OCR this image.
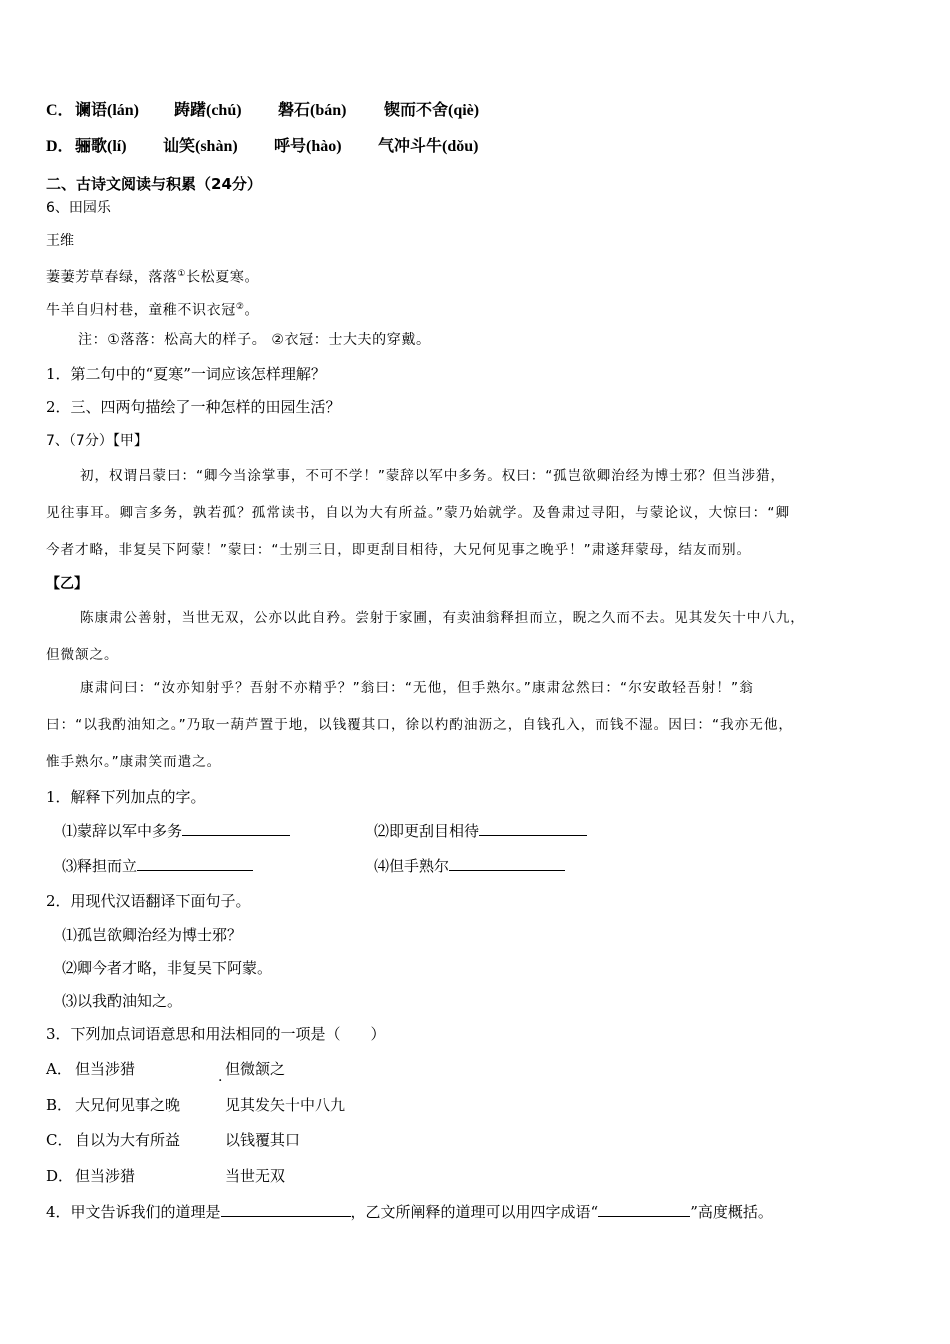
C． 谰语(lán) 踌躇(chú) 磐石(bán) 锲而不舍(qiè)
D． 骊歌(lí) 讪笑(shàn) 呼号(hào) 气冲斗牛(dǒu)
二、古诗文阅读与积累（24分）
6、田园乐
王维
萋萋芳草春绿，落落①长松夏寒。
牛羊自归村巷，童稚不识衣冠②。
注：①落落：松高大的样子。 ②衣冠：士大夫的穿戴。
1．第二句中的“夏寒”一词应该怎样理解？
2．三、四两句描绘了一种怎样的田园生活？
7、（7分）【甲】
初，权谓吕蒙曰：“卿今当涂掌事，不可不学！”蒙辞以军中多务。权曰：“孤岂欲卿治经为博士邪？但当涉猎，
见往事耳。卿言多务，孰若孤？孤常读书，自以为大有所益。”蒙乃始就学。及鲁肃过寻阳，与蒙论议，大惊曰：“卿
今者才略，非复吴下阿蒙！”蒙曰：“士别三日，即更刮目相待，大兄何见事之晚乎！”肃遂拜蒙母，结友而别。
【乙】
陈康肃公善射，当世无双，公亦以此自矜。尝射于家圃，有卖油翁释担而立，睨之久而不去。见其发矢十中八九，
但微颔之。
康肃问曰：“汝亦知射乎？吾射不亦精乎？”翁曰：“无他，但手熟尔。”康肃忿然曰：“尔安敢轻吾射！”翁
曰：“以我酌油知之。”乃取一葫芦置于地，以钱覆其口，徐以杓酌油沥之，自钱孔入，而钱不湿。因曰：“我亦无他，
惟手熟尔。”康肃笑而遣之。
1．解释下列加点的字。
⑴蒙辞以军中多务	⑵即更刮目相待
⑶释担而立	⑷但手熟尔
2．用现代汉语翻译下面句子。
⑴孤岂欲卿治经为博士邪？
⑵卿今者才略，非复吴下阿蒙。
⑶以我酌油知之。
3．下列加点词语意思和用法相同的一项是（　　）
A． 但当涉猎	但微颔之
.
B． 大兄何见事之晚	见其发矢十中八九
C． 自以为大有所益	以钱覆其口
D． 但当涉猎	当世无双
4．甲文告诉我们的道理是	，乙文所阐释的道理可以用四字成语“	”高度概括。
